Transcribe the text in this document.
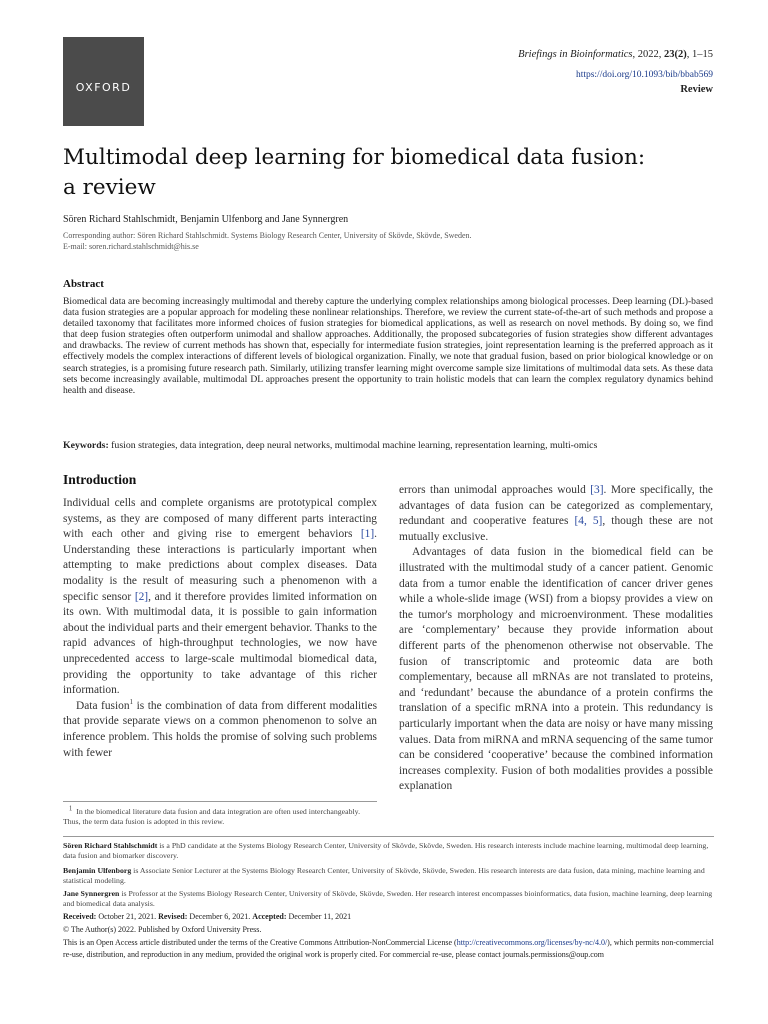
OXFORD
Briefings in Bioinformatics, 2022, 23(2), 1–15
https://doi.org/10.1093/bib/bbab569
Review
Multimodal deep learning for biomedical data fusion: a review
Sören Richard Stahlschmidt, Benjamin Ulfenborg and Jane Synnergren
Corresponding author: Sören Richard Stahlschmidt. Systems Biology Research Center, University of Skövde, Skövde, Sweden.
E-mail: soren.richard.stahlschmidt@his.se
Abstract
Biomedical data are becoming increasingly multimodal and thereby capture the underlying complex relationships among biological processes. Deep learning (DL)-based data fusion strategies are a popular approach for modeling these nonlinear relationships. Therefore, we review the current state-of-the-art of such methods and propose a detailed taxonomy that facilitates more informed choices of fusion strategies for biomedical applications, as well as research on novel methods. By doing so, we find that deep fusion strategies often outperform unimodal and shallow approaches. Additionally, the proposed subcategories of fusion strategies show different advantages and drawbacks. The review of current methods has shown that, especially for intermediate fusion strategies, joint representation learning is the preferred approach as it effectively models the complex interactions of different levels of biological organization. Finally, we note that gradual fusion, based on prior biological knowledge or on search strategies, is a promising future research path. Similarly, utilizing transfer learning might overcome sample size limitations of multimodal data sets. As these data sets become increasingly available, multimodal DL approaches present the opportunity to train holistic models that can learn the complex regulatory dynamics behind health and disease.
Keywords: fusion strategies, data integration, deep neural networks, multimodal machine learning, representation learning, multi-omics
Introduction

Individual cells and complete organisms are prototypical complex systems, as they are composed of many different parts interacting with each other and giving rise to emergent behaviors [1]. Understanding these interactions is particularly important when attempting to make predictions about complex diseases. Data modality is the result of measuring such a phenomenon with a specific sensor [2], and it therefore provides limited information on its own. With multimodal data, it is possible to gain information about the individual parts and their emergent behavior. Thanks to the rapid advances of high-throughput technologies, we now have unprecedented access to large-scale multimodal biomedical data, providing the opportunity to take advantage of this richer information.

Data fusion$^1$ is the combination of data from different modalities that provide separate views on a common phenomenon to solve an inference problem. This holds the promise of solving such problems with fewer

errors than unimodal approaches would [3]. More specifically, the advantages of data fusion can be categorized as complementary, redundant and cooperative features [4, 5], though these are not mutually exclusive.

Advantages of data fusion in the biomedical field can be illustrated with the multimodal study of a cancer patient. Genomic data from a tumor enable the identification of cancer driver genes while a whole-slide image (WSI) from a biopsy provides a view on the tumor's morphology and microenvironment. These modalities are ‘complementary’ because they provide information about different parts of the phenomenon otherwise not observable. The fusion of transcriptomic and proteomic data are both complementary, because all mRNAs are not translated to proteins, and ‘redundant’ because the abundance of a protein confirms the translation of a specific mRNA into a protein. This redundancy is particularly important when the data are noisy or have many missing values. Data from miRNA and mRNA sequencing of the same tumor can be considered ‘cooperative’ because the combined information increases complexity. Fusion of both modalities provides a possible explanation

$^1$ In the biomedical literature data fusion and data integration are often used interchangeably. Thus, the term data fusion is adopted in this review.
Sören Richard Stahlschmidt is a PhD candidate at the Systems Biology Research Center, University of Skövde, Skövde, Sweden. His research interests include machine learning, multimodal deep learning, data fusion and biomarker discovery.
Benjamin Ulfenborg is Associate Senior Lecturer at the Systems Biology Research Center, University of Skövde, Skövde, Sweden. His research interests are data fusion, data mining, machine learning and statistical modeling.
Jane Synnergren is Professor at the Systems Biology Research Center, University of Skövde, Skövde, Sweden. Her research interest encompasses bioinformatics, data fusion, machine learning, deep learning and biomedical data analysis.
Received: October 21, 2021. Revised: December 6, 2021. Accepted: December 11, 2021
© The Author(s) 2022. Published by Oxford University Press.
This is an Open Access article distributed under the terms of the Creative Commons Attribution-NonCommercial License (http://creativecommons.org/licenses/by-nc/4.0/), which permits non-commercial re-use, distribution, and reproduction in any medium, provided the original work is properly cited. For commercial re-use, please contact journals.permissions@oup.com
